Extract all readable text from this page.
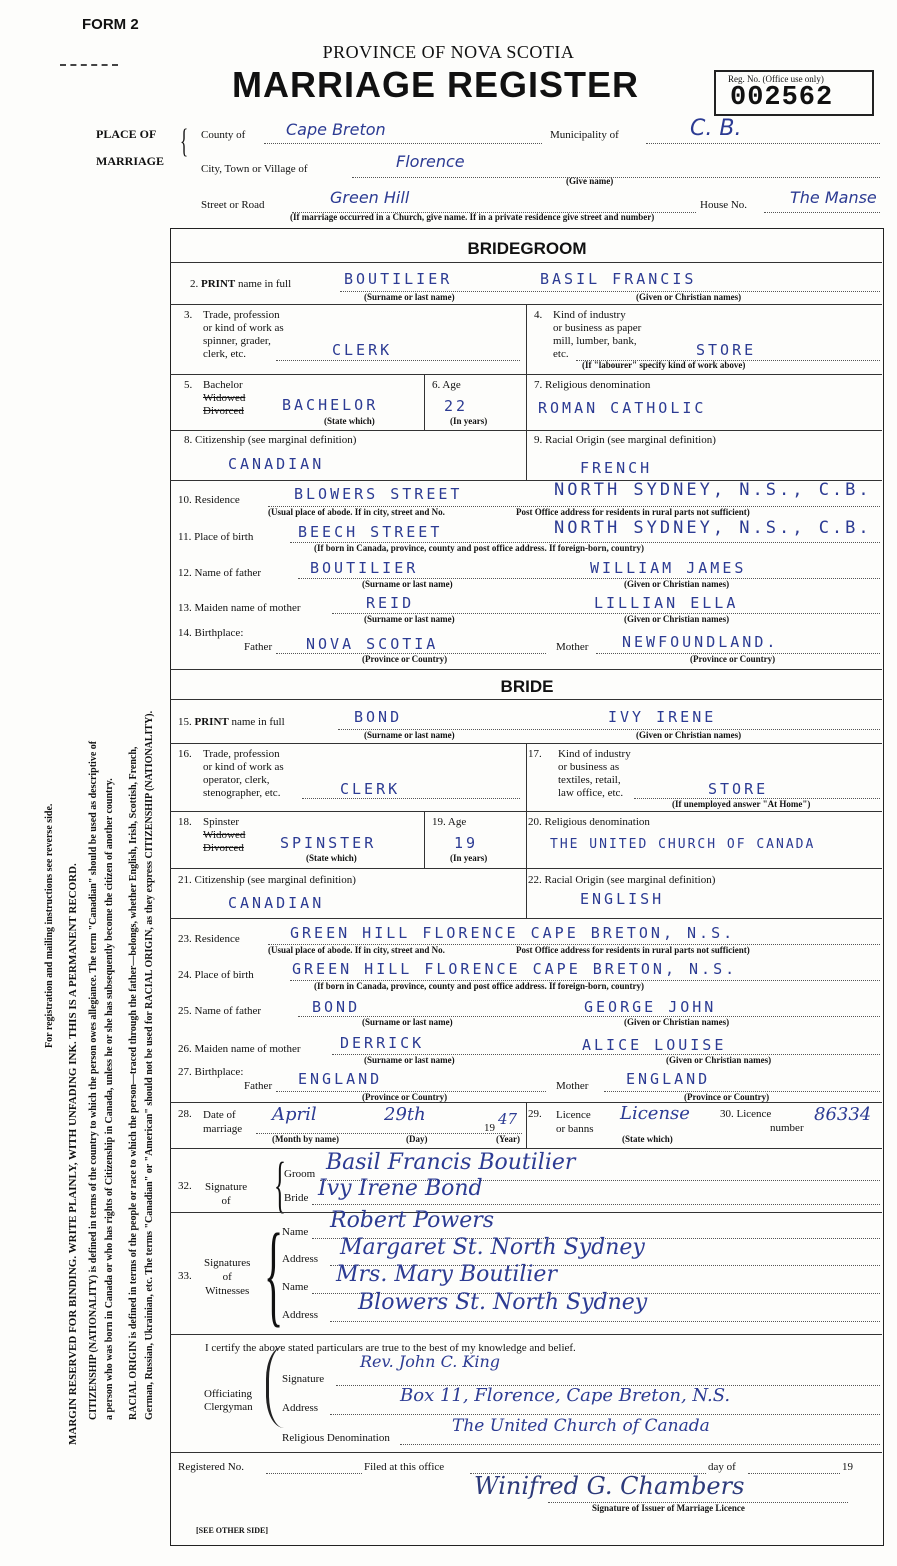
FORM 2
PROVINCE OF NOVA SCOTIA
MARRIAGE REGISTER	Reg. No. (Office use only)
002562
PLACE OF
MARRIAGE
{ County of	Cape Breton	Municipality of	C. B.
City, Town or Village of	Florence
(Give name)
Street or Road	Green Hill	House No.	The Manse
(If marriage occurred in a Church, give name. If in a private residence give street and number)
For registration and mailing instructions see reverse side. MARGIN RESERVED FOR BINDING. WRITE PLAINLY, WITH UNFADING INK. THIS IS A PERMANENT RECORD. CITIZENSHIP (NATIONALITY) is defined in terms of the country to which the person owes allegiance. The term "Canadian" should be used as descriptive of a person who was born in Canada or who has rights of Citizenship in Canada, unless he or she has subsequently become the citizen of another country. RACIAL ORIGIN is defined in terms of the people or race to which the person—traced through the father—belongs, whether English, Irish, Scottish, French, German, Russian, Ukrainian, etc. The terms "Canadian" or "American" should not be used for RACIAL ORIGIN, as they express CITIZENSHIP (NATIONALITY).
BRIDEGROOM
2. PRINT name in full	BOUTILIER	BASIL FRANCIS
(Surname or last name)	(Given or Christian names)
3. Trade, profession
or kind of work as
spinner, grader,
clerk, etc.	CLERK
4. Kind of industry
or business as paper
mill, lumber, bank,
etc.	STORE
(If "labourer" specify kind of work above)
5. Bachelor
Widowed
Divorced	BACHELOR
(State which)
6. Age
22
(In years)
7. Religious denomination
ROMAN CATHOLIC
8. Citizenship (see marginal definition)
CANADIAN
9. Racial Origin (see marginal definition)
FRENCH
10. Residence	BLOWERS STREET	NORTH SYDNEY, N.S., C.B.
(Usual place of abode. If in city, street and No.	Post Office address for residents in rural parts not sufficient)
11. Place of birth	BEECH STREET	NORTH SYDNEY, N.S., C.B.
(If born in Canada, province, county and post office address. If foreign-born, country)
12. Name of father	BOUTILIER	WILLIAM JAMES
(Surname or last name)	(Given or Christian names)
13. Maiden name of mother	REID	LILLIAN ELLA
(Surname or last name)	(Given or Christian names)
14. Birthplace:
Father NOVA SCOTIA
(Province or Country)
Mother NEWFOUNDLAND.
(Province or Country)
BRIDE
15. PRINT name in full	BOND	IVY IRENE
(Surname or last name)	(Given or Christian names)
16. Trade, profession
or kind of work as
operator, clerk,
stenographer, etc.	CLERK
17. Kind of industry
or business as
textiles, retail,
law office, etc.	STORE
(If unemployed answer "At Home")
18. Spinster
Widowed
Divorced SPINSTER
(State which)
19. Age
19
(In years)
20. Religious denomination
THE UNITED CHURCH OF CANADA
21. Citizenship (see marginal definition)
CANADIAN
22. Racial Origin (see marginal definition)
ENGLISH
23. Residence	GREEN HILL FLORENCE CAPE BRETON, N.S.
(Usual place of abode. If in city, street and No.	Post Office address for residents in rural parts not sufficient)
24. Place of birth	GREEN HILL FLORENCE CAPE BRETON, N.S.
(If born in Canada, province, county and post office address. If foreign-born, country)
25. Name of father	BOND	GEORGE JOHN
(Surname or last name)	(Given or Christian names)
26. Maiden name of mother	DERRICK	ALICE LOUISE
(Surname or last name)	(Given or Christian names)
27. Birthplace:
Father ENGLAND
(Province or Country)
Mother	ENGLAND
(Province or Country)
28. Date of
marriage
April	29th
19 47
(Month by name)	(Day)	(Year)
29. Licence
or banns
License
(State which)
30. Licence
number
86334
32. Signature
of {
Groom Basil Francis Boutilier
Bride Ivy Irene Bond
33.
Signatures
of
Witnesses {
Name Robert Powers
Address Margaret St. North Sydney
Name Mrs. Mary Boutilier
Address Blowers St. North Sydney
I certify the above stated particulars are true to the best of my knowledge and belief.
Signature
Rev. John C. King
Officiating
Clergyman	Address
Box 11, Florence, Cape Breton, N.S.
Religious Denomination
The United Church of Canada
Registered No.	Filed at this office	day of	19
Winifred G. Chambers
Signature of Issuer of Marriage Licence
[SEE OTHER SIDE]
